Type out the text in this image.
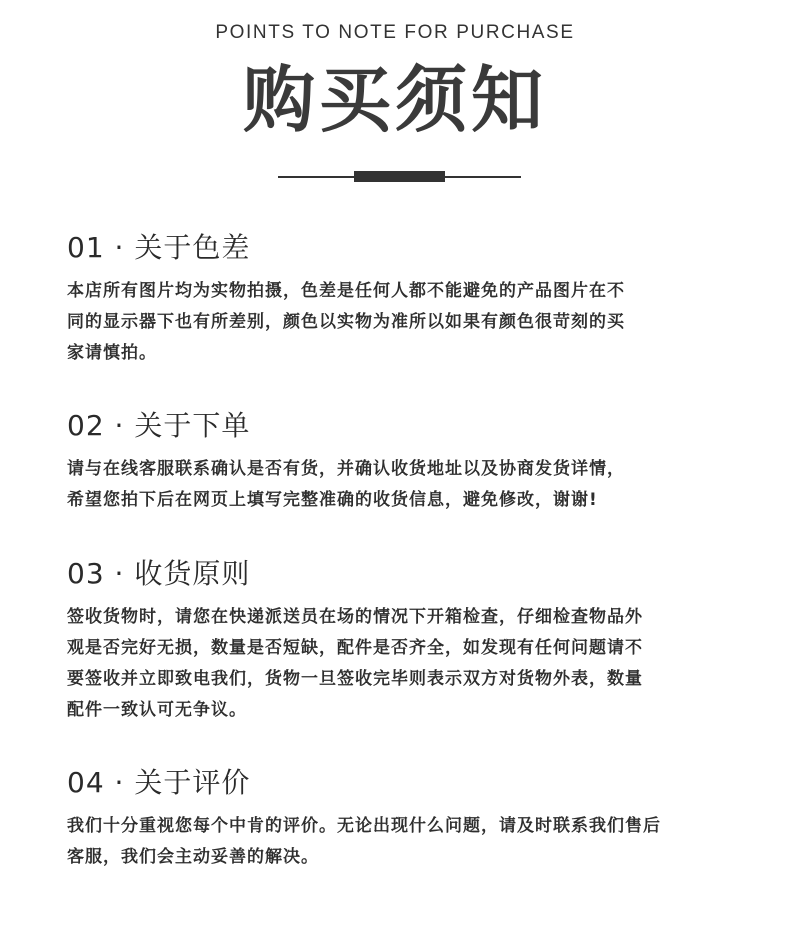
POINTS TO NOTE FOR PURCHASE
购买须知
01 · 关于色差
本店所有图片均为实物拍摄，色差是任何人都不能避免的产品图片在不
同的显示器下也有所差别，颜色以实物为准所以如果有颜色很苛刻的买
家请慎拍。
02 · 关于下单
请与在线客服联系确认是否有货，并确认收货地址以及协商发货详情，
希望您拍下后在网页上填写完整准确的收货信息，避免修改，谢谢!
03 · 收货原则
签收货物时，请您在快递派送员在场的情况下开箱检查，仔细检查物品外
观是否完好无损，数量是否短缺，配件是否齐全，如发现有任何问题请不
要签收并立即致电我们，货物一旦签收完毕则表示双方对货物外表，数量
配件一致认可无争议。
04 · 关于评价
我们十分重视您每个中肯的评价。无论出现什么问题，请及时联系我们售后
客服，我们会主动妥善的解决。
